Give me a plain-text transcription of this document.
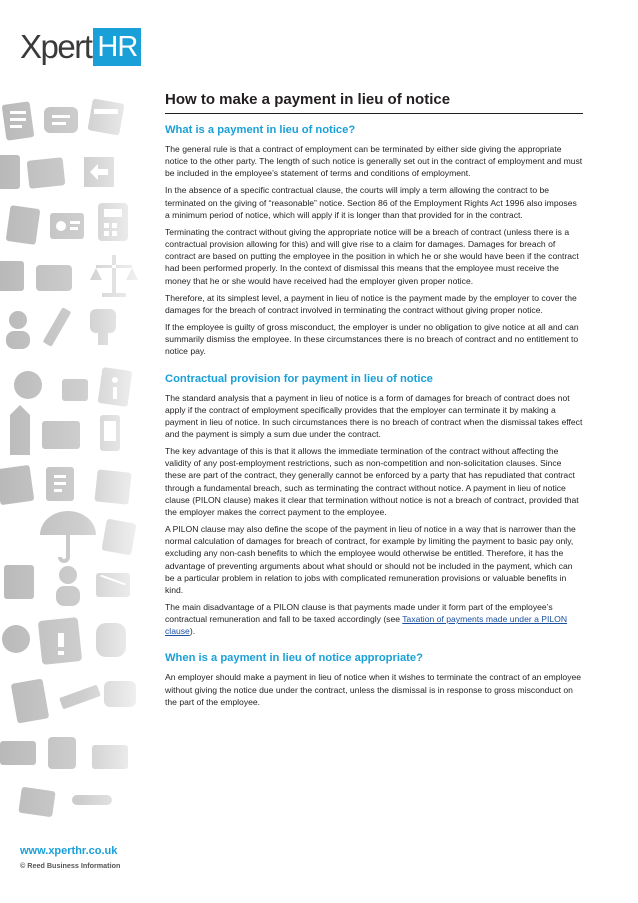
Xpert HR
How to make a payment in lieu of notice
What is a payment in lieu of notice?

The general rule is that a contract of employment can be terminated by either side giving the appropriate notice to the other party. The length of such notice is generally set out in the contract of employment and must be included in the employee’s statement of terms and conditions of employment.

In the absence of a specific contractual clause, the courts will imply a term allowing the contract to be terminated on the giving of “reasonable” notice. Section 86 of the Employment Rights Act 1996 also imposes a minimum period of notice, which will apply if it is longer than that provided for in the contract.

Terminating the contract without giving the appropriate notice will be a breach of contract (unless there is a contractual provision allowing for this) and will give rise to a claim for damages. Damages for breach of contract are based on putting the employee in the position in which he or she would have been if the contract had been performed properly. In the context of dismissal this means that the employee must receive the money that he or she would have received had the employer given proper notice.

Therefore, at its simplest level, a payment in lieu of notice is the payment made by the employer to cover the damages for the breach of contract involved in terminating the contract without giving proper notice.

If the employee is guilty of gross misconduct, the employer is under no obligation to give notice at all and can summarily dismiss the employee. In these circumstances there is no breach of contract and no entitlement to notice pay.

Contractual provision for payment in lieu of notice

The standard analysis that a payment in lieu of notice is a form of damages for breach of contract does not apply if the contract of employment specifically provides that the employer can terminate it by making a payment in lieu of notice. In such circumstances there is no breach of contract when the dismissal takes effect and the payment is simply a sum due under the contract.

The key advantage of this is that it allows the immediate termination of the contract without affecting the validity of any post-employment restrictions, such as non-competition and non-solicitation clauses. Since these are part of the contract, they generally cannot be enforced by a party that has repudiated that contract through a fundamental breach, such as terminating the contract without notice. A payment in lieu of notice clause (PILON clause) makes it clear that termination without notice is not a breach of contract, provided that the employer makes the correct payment to the employee.

A PILON clause may also define the scope of the payment in lieu of notice in a way that is narrower than the normal calculation of damages for breach of contract, for example by limiting the payment to basic pay only, excluding any non-cash benefits to which the employee would otherwise be entitled. Therefore, it has the advantage of preventing arguments about what should or should not be included in the payment, which can be a particular problem in relation to jobs with complicated remuneration provisions or valuable benefits in kind.

The main disadvantage of a PILON clause is that payments made under it form part of the employee’s contractual remuneration and fall to be taxed accordingly (see Taxation of payments made under a PILON clause).

When is a payment in lieu of notice appropriate?

An employer should make a payment in lieu of notice when it wishes to terminate the contract of an employee without giving the notice due under the contract, unless the dismissal is in response to gross misconduct on the part of the employee.

www.xperthr.co.uk
© Reed Business Information
